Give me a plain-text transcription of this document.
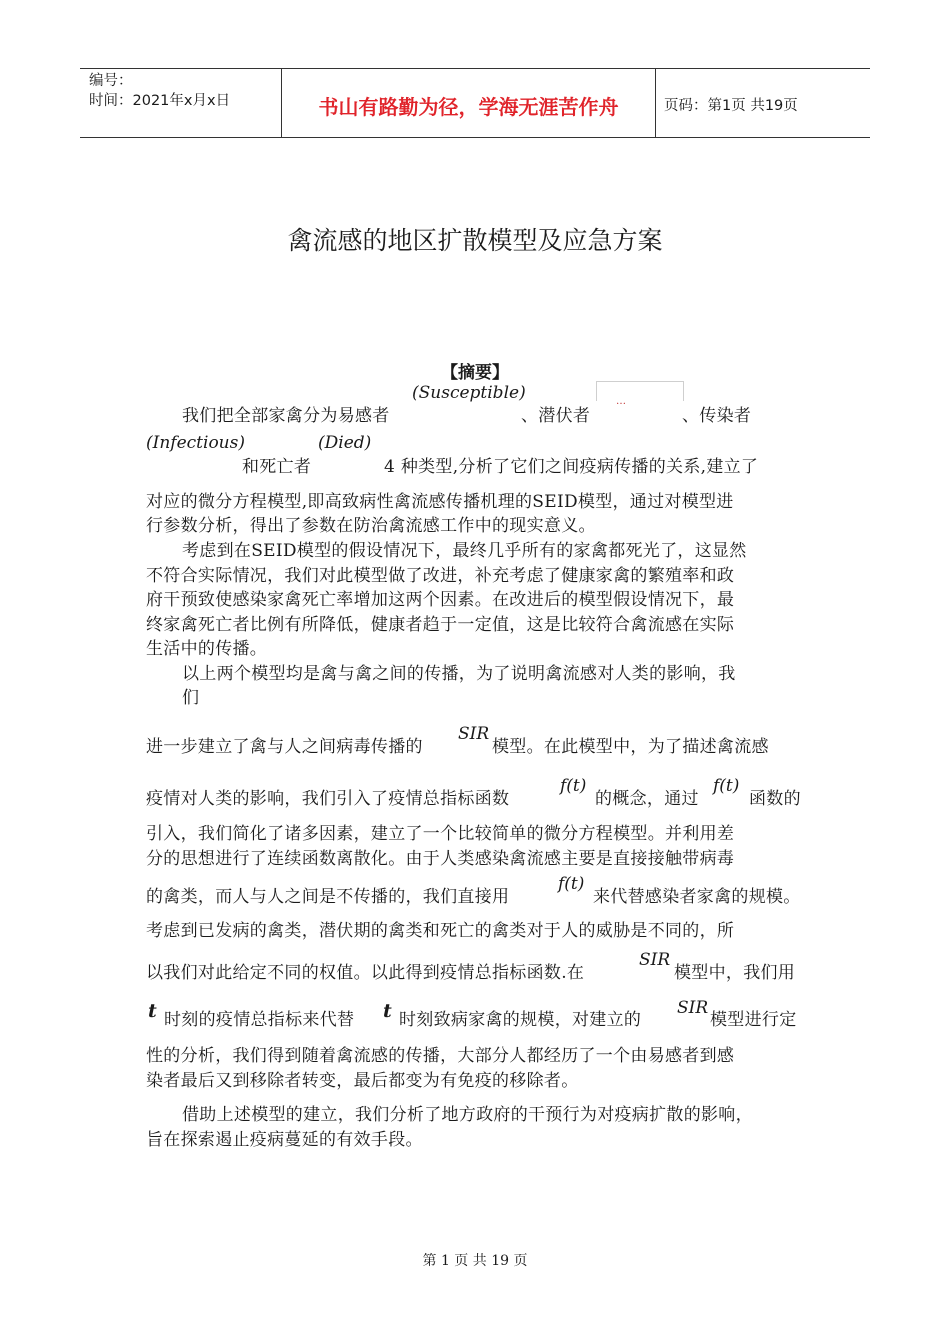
编号：
时间：2021年x月x日	书山有路勤为径，学海无涯苦作舟	页码：第1页 共19页
禽流感的地区扩散模型及应急方案
【摘要】
(Susceptible)	…
我们把全部家禽分为易感者	、潜伏者	、传染者
(Infectious)	(Died)
和死亡者	4 种类型,分析了它们之间疫病传播的关系,建立了
对应的微分方程模型,即高致病性禽流感传播机理的SEID模型，通过对模型进
行参数分析，得出了参数在防治禽流感工作中的现实意义。
考虑到在SEID模型的假设情况下，最终几乎所有的家禽都死光了，这显然
不符合实际情况，我们对此模型做了改进，补充考虑了健康家禽的繁殖率和政
府干预致使感染家禽死亡率增加这两个因素。在改进后的模型假设情况下，最
终家禽死亡者比例有所降低，健康者趋于一定值，这是比较符合禽流感在实际
生活中的传播。
以上两个模型均是禽与禽之间的传播，为了说明禽流感对人类的影响，我
们
进一步建立了禽与人之间病毒传播的
SIR
模型。在此模型中，为了描述禽流感
疫情对人类的影响，我们引入了疫情总指标函数
f(t)
的概念，通过
f(t)
函数的
引入，我们简化了诸多因素，建立了一个比较简单的微分方程模型。并利用差
分的思想进行了连续函数离散化。由于人类感染禽流感主要是直接接触带病毒
的禽类，而人与人之间是不传播的，我们直接用
f(t)
来代替感染者家禽的规模。
考虑到已发病的禽类，潜伏期的禽类和死亡的禽类对于人的威胁是不同的，所
以我们对此给定不同的权值。以此得到疫情总指标函数.在
SIR
模型中，我们用
t 时刻的疫情总指标来代替 t 时刻致病家禽的规模，对建立的
SIR
模型进行定
性的分析，我们得到随着禽流感的传播，大部分人都经历了一个由易感者到感
染者最后又到移除者转变，最后都变为有免疫的移除者。
借助上述模型的建立，我们分析了地方政府的干预行为对疫病扩散的影响，
旨在探索遏止疫病蔓延的有效手段。
第 1 页 共 19 页
